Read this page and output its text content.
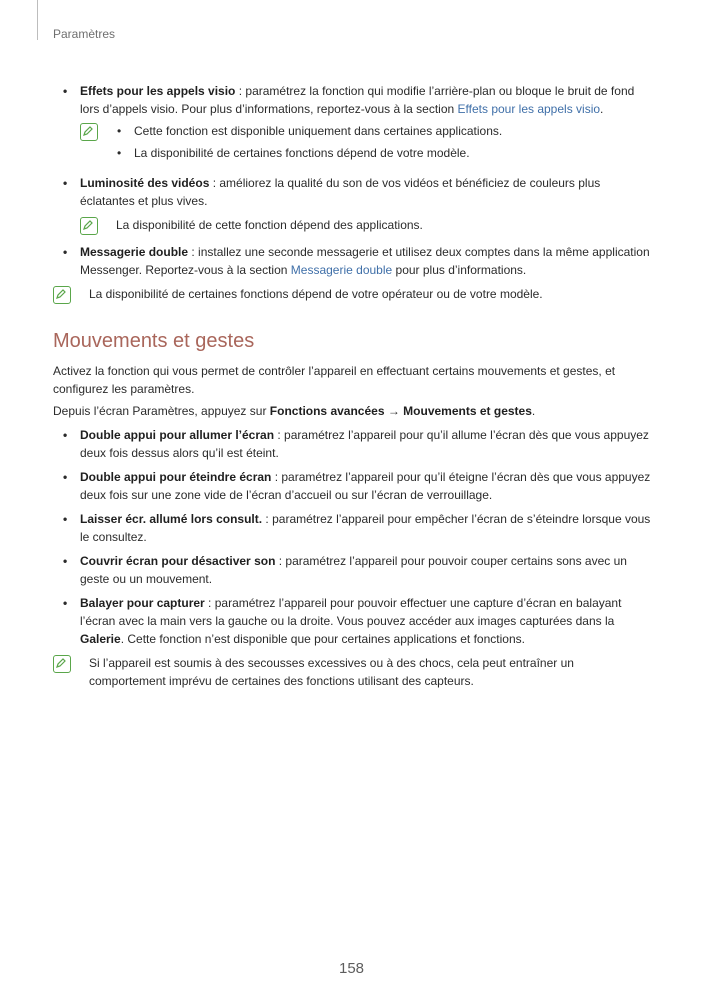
Paramètres
• Effets pour les appels visio : paramétrez la fonction qui modifie l’arrière-plan ou bloque le bruit de fond lors d’appels visio. Pour plus d’informations, reportez-vous à la section Effets pour les appels visio.
• Cette fonction est disponible uniquement dans certaines applications.
• La disponibilité de certaines fonctions dépend de votre modèle.
• Luminosité des vidéos : améliorez la qualité du son de vos vidéos et bénéficiez de couleurs plus éclatantes et plus vives.
La disponibilité de cette fonction dépend des applications.
• Messagerie double : installez une seconde messagerie et utilisez deux comptes dans la même application Messenger. Reportez-vous à la section Messagerie double pour plus d’informations.
La disponibilité de certaines fonctions dépend de votre opérateur ou de votre modèle.
Mouvements et gestes

Activez la fonction qui vous permet de contrôler l’appareil en effectuant certains mouvements et gestes, et configurez les paramètres.

Depuis l’écran Paramètres, appuyez sur Fonctions avancées → Mouvements et gestes.

• Double appui pour allumer l’écran : paramétrez l’appareil pour qu’il allume l’écran dès que vous appuyez deux fois dessus alors qu’il est éteint.
• Double appui pour éteindre écran : paramétrez l’appareil pour qu’il éteigne l’écran dès que vous appuyez deux fois sur une zone vide de l’écran d’accueil ou sur l’écran de verrouillage.
• Laisser écr. allumé lors consult. : paramétrez l’appareil pour empêcher l’écran de s’éteindre lorsque vous le consultez.
• Couvrir écran pour désactiver son : paramétrez l’appareil pour pouvoir couper certains sons avec un geste ou un mouvement.
• Balayer pour capturer : paramétrez l’appareil pour pouvoir effectuer une capture d’écran en balayant l’écran avec la main vers la gauche ou la droite. Vous pouvez accéder aux images capturées dans la Galerie. Cette fonction n’est disponible que pour certaines applications et fonctions.
Si l’appareil est soumis à des secousses excessives ou à des chocs, cela peut entraîner un comportement imprévu de certaines des fonctions utilisant des capteurs.
158
